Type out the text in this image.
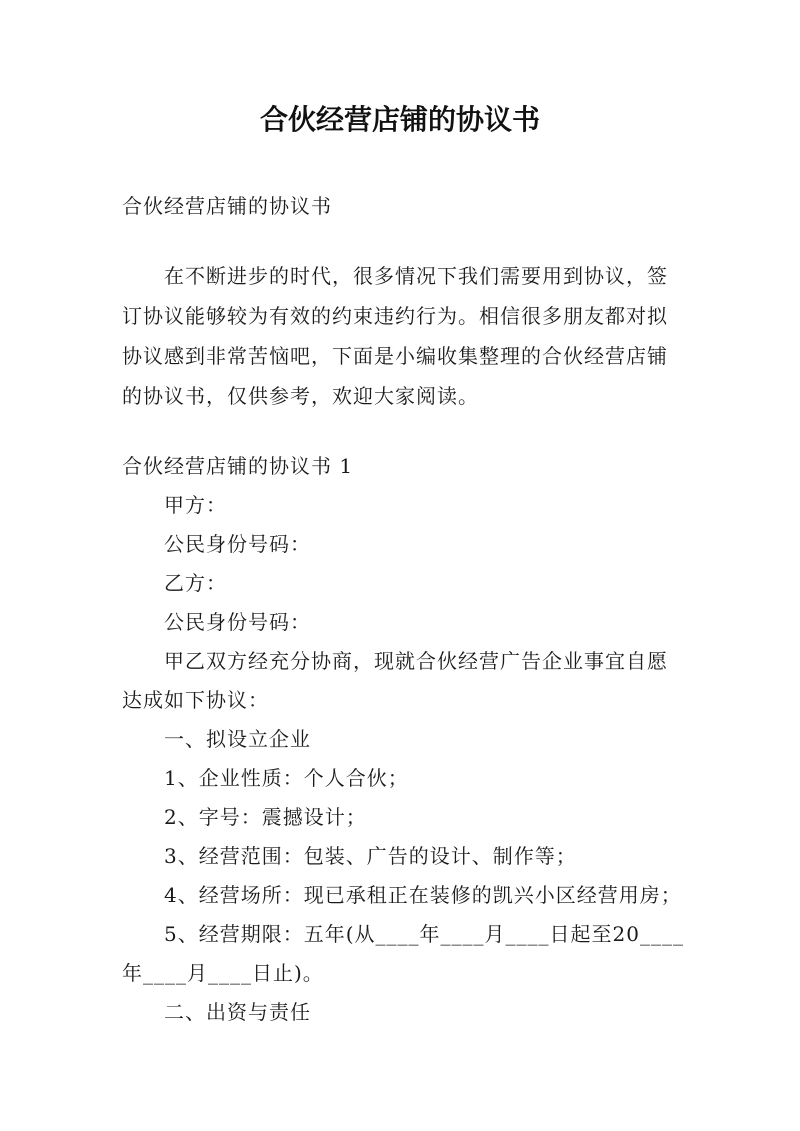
合伙经营店铺的协议书
合伙经营店铺的协议书
在不断进步的时代，很多情况下我们需要用到协议，签
订协议能够较为有效的约束违约行为。相信很多朋友都对拟
协议感到非常苦恼吧，下面是小编收集整理的合伙经营店铺
的协议书，仅供参考，欢迎大家阅读。
合伙经营店铺的协议书 1
甲方：
公民身份号码：
乙方：
公民身份号码：
甲乙双方经充分协商，现就合伙经营广告企业事宜自愿
达成如下协议：
一、拟设立企业
1、企业性质：个人合伙；
2、字号：震撼设计；
3、经营范围：包装、广告的设计、制作等；
4、经营场所：现已承租正在装修的凯兴小区经营用房；
5、经营期限：五年(从____年____月____日起至20____
年____月____日止)。
二、出资与责任
